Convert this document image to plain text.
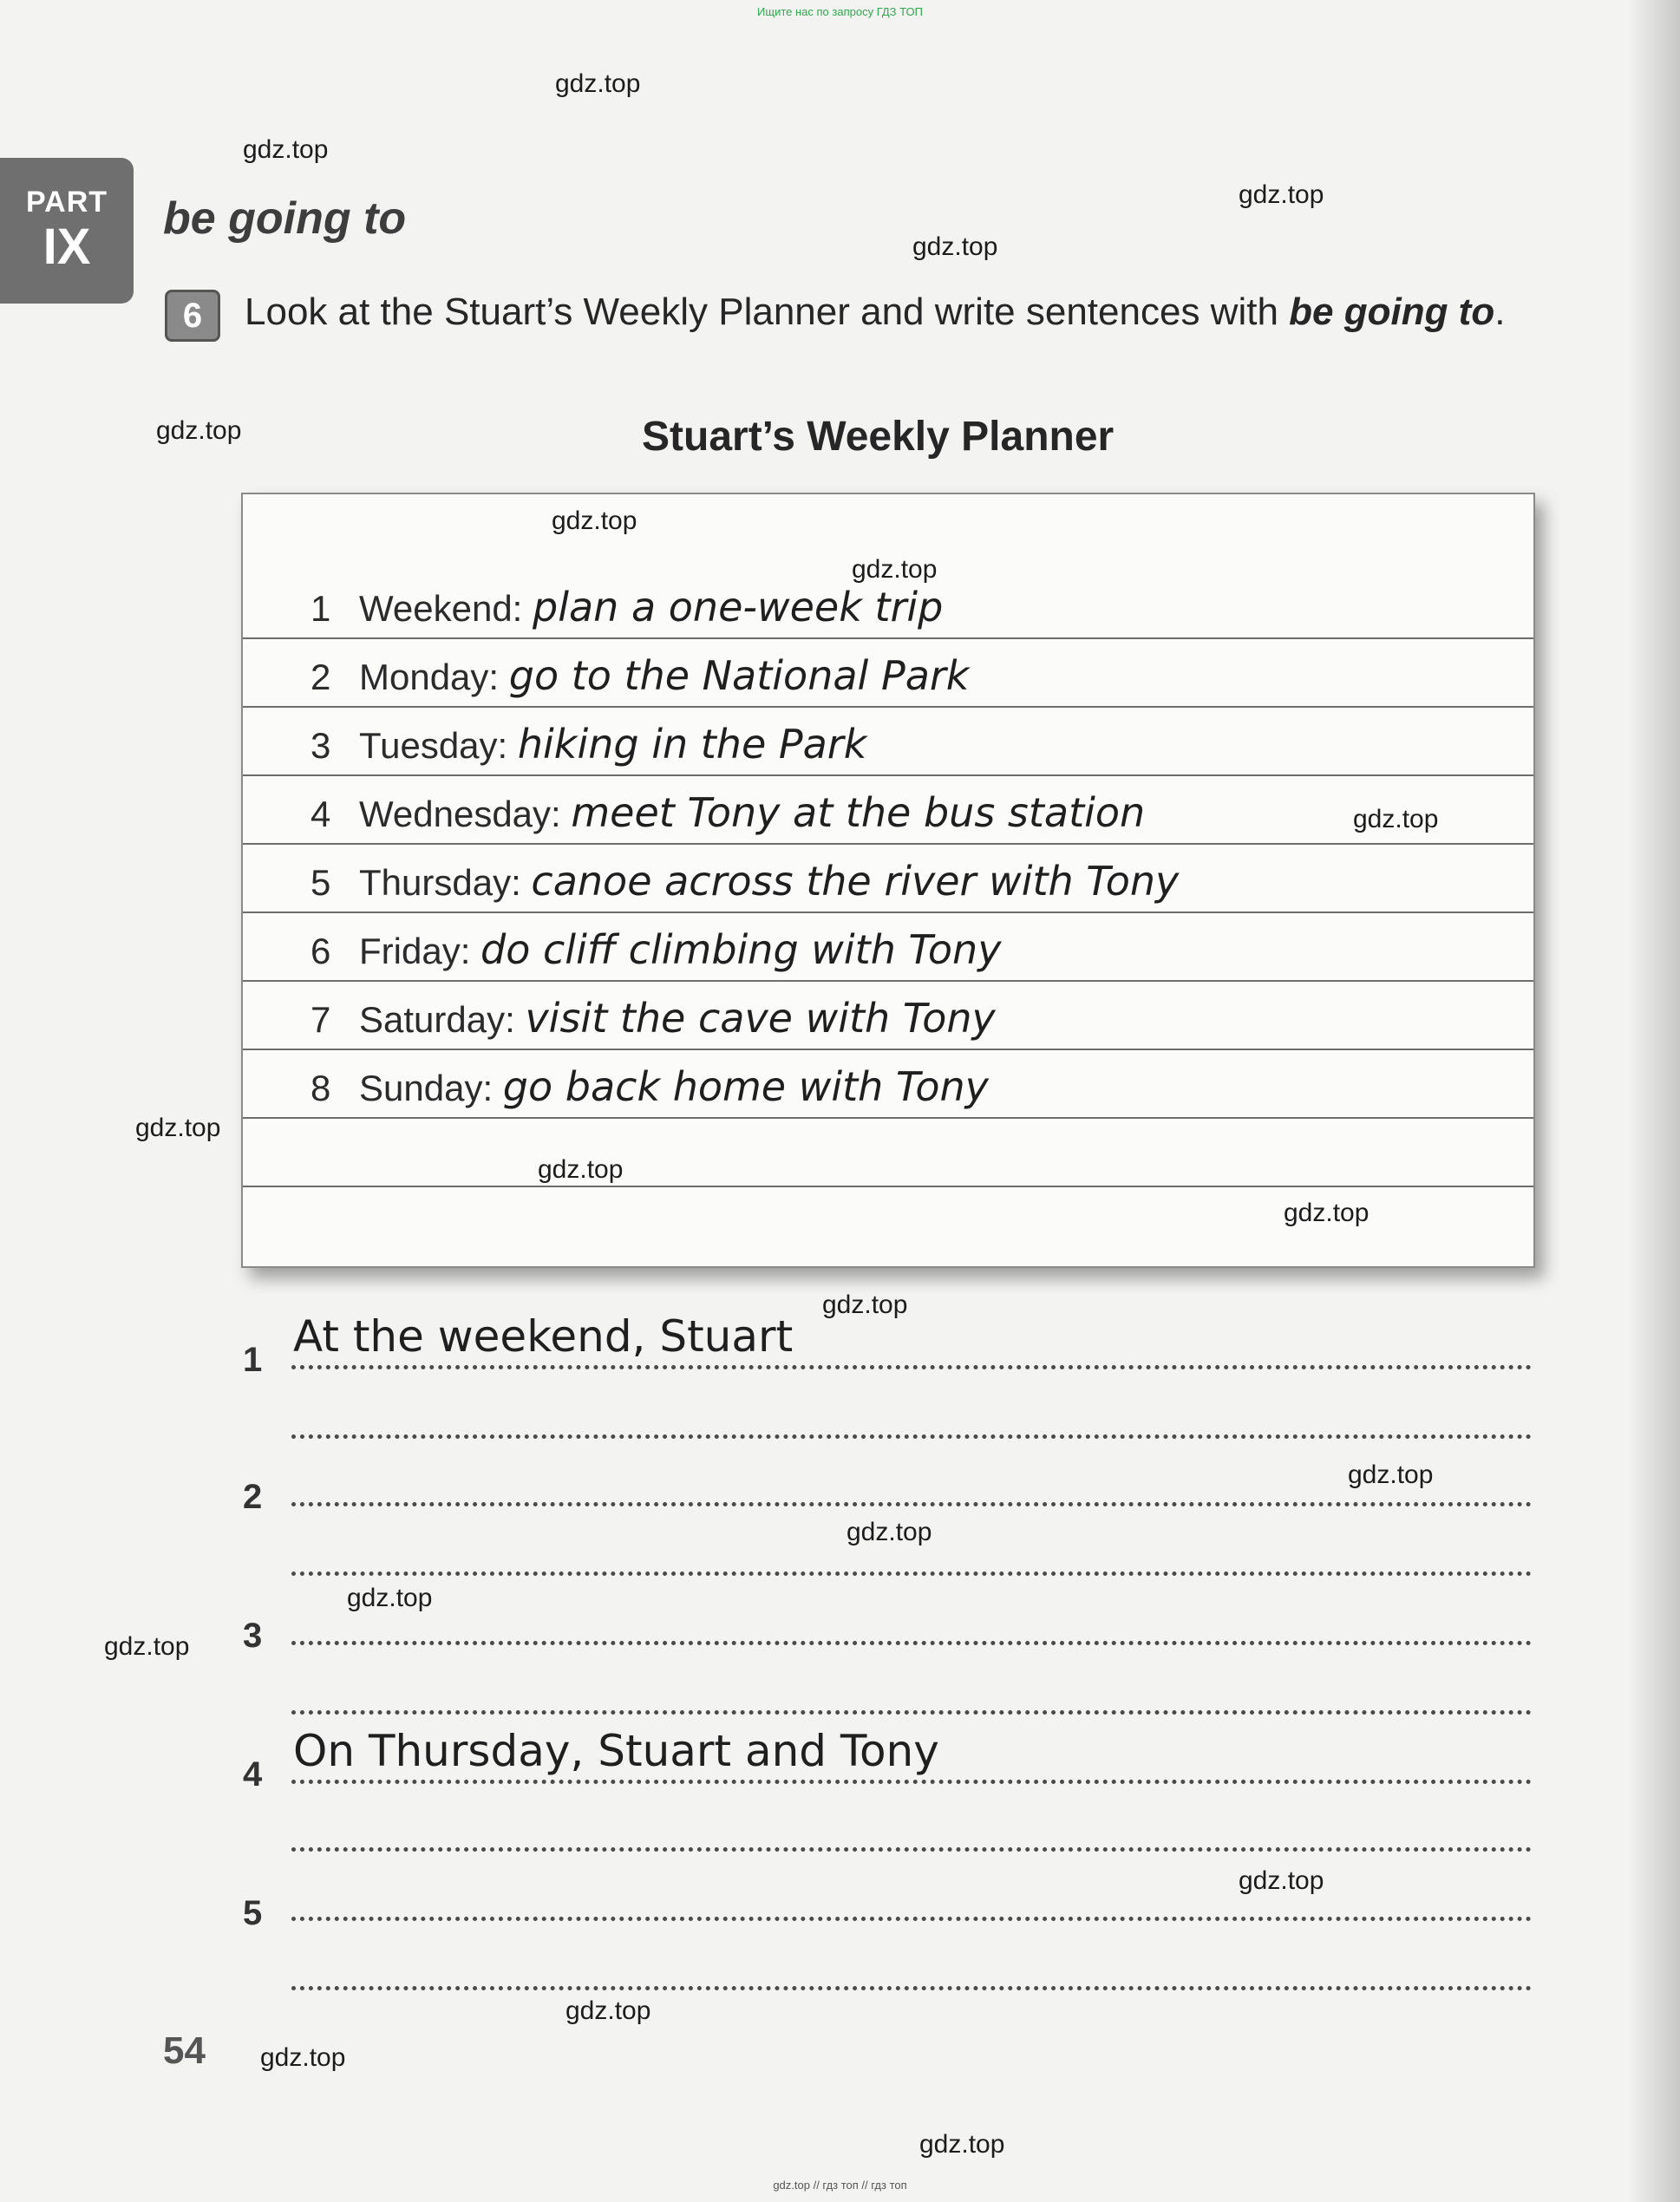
Ищите нас по запросу ГДЗ ТОП
PART
IX	be going to
6	Look at the Stuart’s Weekly Planner and write sentences with be going to.
Stuart’s Weekly Planner
1 Weekend: plan a one-week trip
2 Monday: go to the National Park
3 Tuesday: hiking in the Park
4 Wednesday: meet Tony at the bus station
5 Thursday: canoe across the river with Tony
6 Friday: do cliff climbing with Tony
7 Saturday: visit the cave with Tony
8 Sunday: go back home with Tony
At the weekend, Stuart
1
2
3
On Thursday, Stuart and Tony
4
5
54
gdz.top
gdz.top
gdz.top
gdz.top
gdz.top
gdz.top
gdz.top
gdz.top
gdz.top
gdz.top
gdz.top
gdz.top
gdz.top
gdz.top
gdz.top
gdz.top
gdz.top
gdz.top
gdz.top
gdz.top
gdz.top // гдз топ // гдз топ
